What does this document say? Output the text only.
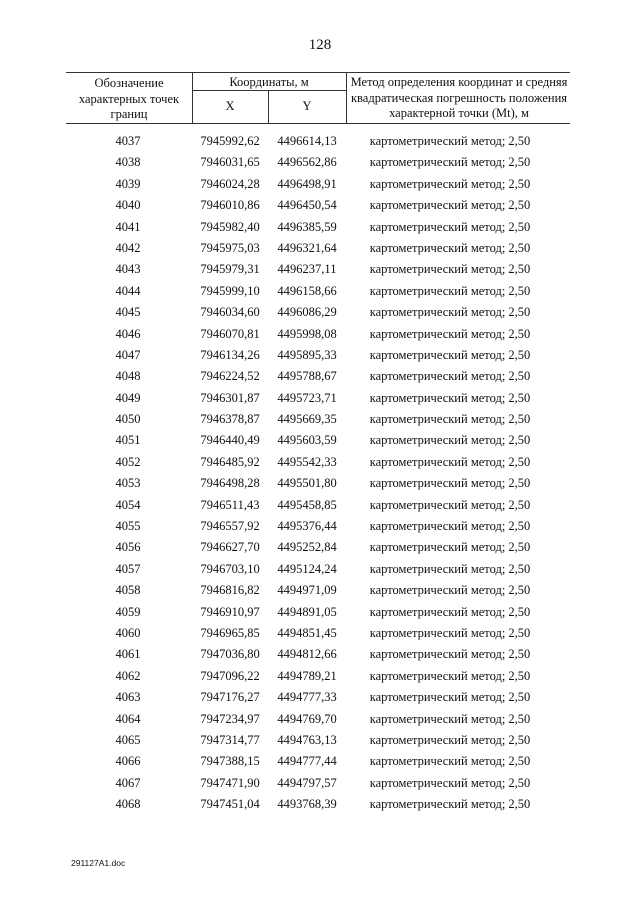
128
Обозначение характерных точек границ
Координаты, м
X	Y
Метод определения координат и средняя квадратическая погрешность положения характерной точки (Mt), м
4037	7945992,62	4496614,13	картометрический метод; 2,50
4038	7946031,65	4496562,86	картометрический метод; 2,50
4039	7946024,28	4496498,91	картометрический метод; 2,50
4040	7946010,86	4496450,54	картометрический метод; 2,50
4041	7945982,40	4496385,59	картометрический метод; 2,50
4042	7945975,03	4496321,64	картометрический метод; 2,50
4043	7945979,31	4496237,11	картометрический метод; 2,50
4044	7945999,10	4496158,66	картометрический метод; 2,50
4045	7946034,60	4496086,29	картометрический метод; 2,50
4046	7946070,81	4495998,08	картометрический метод; 2,50
4047	7946134,26	4495895,33	картометрический метод; 2,50
4048	7946224,52	4495788,67	картометрический метод; 2,50
4049	7946301,87	4495723,71	картометрический метод; 2,50
4050	7946378,87	4495669,35	картометрический метод; 2,50
4051	7946440,49	4495603,59	картометрический метод; 2,50
4052	7946485,92	4495542,33	картометрический метод; 2,50
4053	7946498,28	4495501,80	картометрический метод; 2,50
4054	7946511,43	4495458,85	картометрический метод; 2,50
4055	7946557,92	4495376,44	картометрический метод; 2,50
4056	7946627,70	4495252,84	картометрический метод; 2,50
4057	7946703,10	4495124,24	картометрический метод; 2,50
4058	7946816,82	4494971,09	картометрический метод; 2,50
4059	7946910,97	4494891,05	картометрический метод; 2,50
4060	7946965,85	4494851,45	картометрический метод; 2,50
4061	7947036,80	4494812,66	картометрический метод; 2,50
4062	7947096,22	4494789,21	картометрический метод; 2,50
4063	7947176,27	4494777,33	картометрический метод; 2,50
4064	7947234,97	4494769,70	картометрический метод; 2,50
4065	7947314,77	4494763,13	картометрический метод; 2,50
4066	7947388,15	4494777,44	картометрический метод; 2,50
4067	7947471,90	4494797,57	картометрический метод; 2,50
4068	7947451,04	4493768,39	картометрический метод; 2,50
291127A1.doc
